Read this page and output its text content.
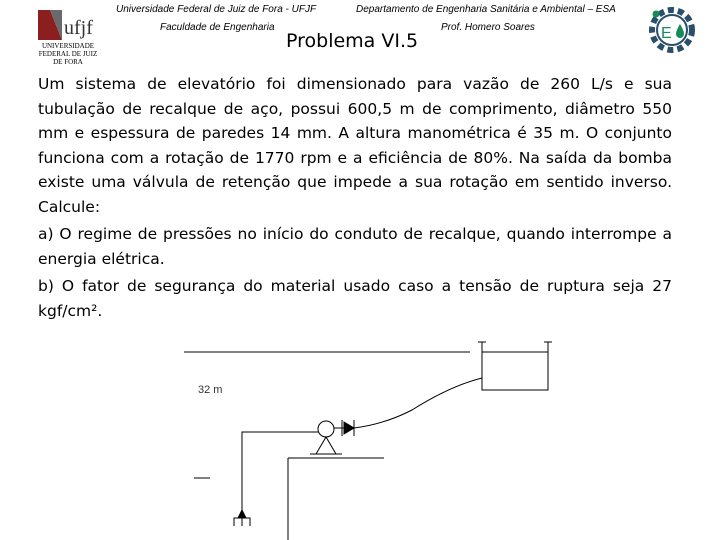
ufjf
UNIVERSIDADE
FEDERAL DE JUIZ DE FORA
Universidade Federal de Juiz de Fora - UFJF
Faculdade de Engenharia
Departamento de Engenharia Sanitária e Ambiental – ESA
Prof. Homero Soares	E
Problema VI.5

Um sistema de elevatório foi dimensionado para vazão de 260 L/s e sua tubulação de recalque de aço, possui 600,5 m de comprimento, diâmetro 550 mm e espessura de paredes 14 mm. A altura manométrica é 35 m. O conjunto funciona com a rotação de 1770 rpm e a eficiência de 80%. Na saída da bomba existe uma válvula de retenção que impede a sua rotação em sentido inverso. Calcule:

a) O regime de pressões no início do conduto de recalque, quando interrompe a energia elétrica.

b) O fator de segurança do material usado caso a tensão de ruptura seja 27 kgf/cm².

32 m
